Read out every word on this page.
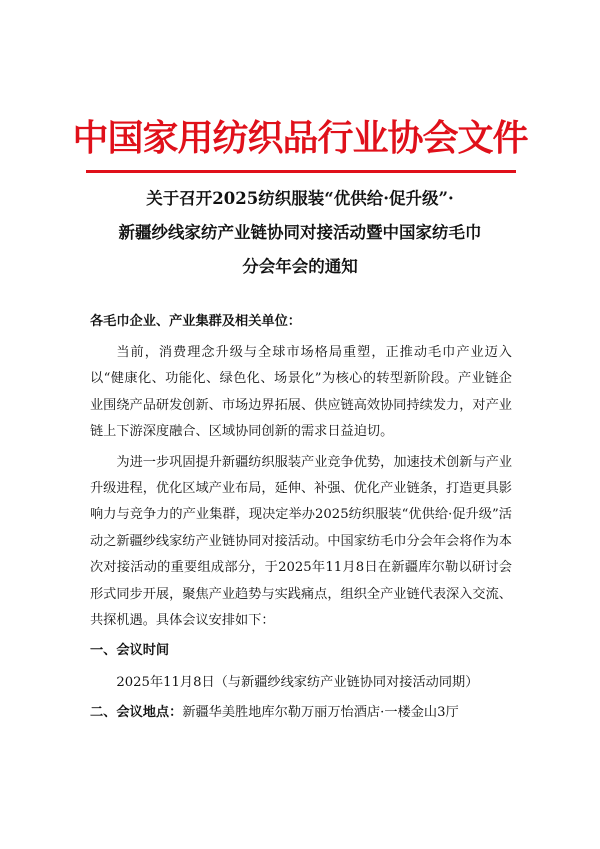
中国家用纺织品行业协会文件
关于召开2025纺织服装“优供给·促升级”·
新疆纱线家纺产业链协同对接活动暨中国家纺毛巾
分会年会的通知

各毛巾企业、产业集群及相关单位：

当前，消费理念升级与全球市场格局重塑，正推动毛巾产业迈入以“健康化、功能化、绿色化、场景化”为核心的转型新阶段。产业链企业围绕产品研发创新、市场边界拓展、供应链高效协同持续发力，对产业链上下游深度融合、区域协同创新的需求日益迫切。

为进一步巩固提升新疆纺织服装产业竞争优势，加速技术创新与产业升级进程，优化区域产业布局，延伸、补强、优化产业链条，打造更具影响力与竞争力的产业集群，现决定举办2025纺织服装“优供给·促升级”活动之新疆纱线家纺产业链协同对接活动。中国家纺毛巾分会年会将作为本次对接活动的重要组成部分，于2025年11月8日在新疆库尔勒以研讨会形式同步开展，聚焦产业趋势与实践痛点，组织全产业链代表深入交流、共探机遇。具体会议安排如下：

一、会议时间
2025年11月8日（与新疆纱线家纺产业链协同对接活动同期）
二、会议地点：新疆华美胜地库尔勒万丽万怡酒店·一楼金山3厅
